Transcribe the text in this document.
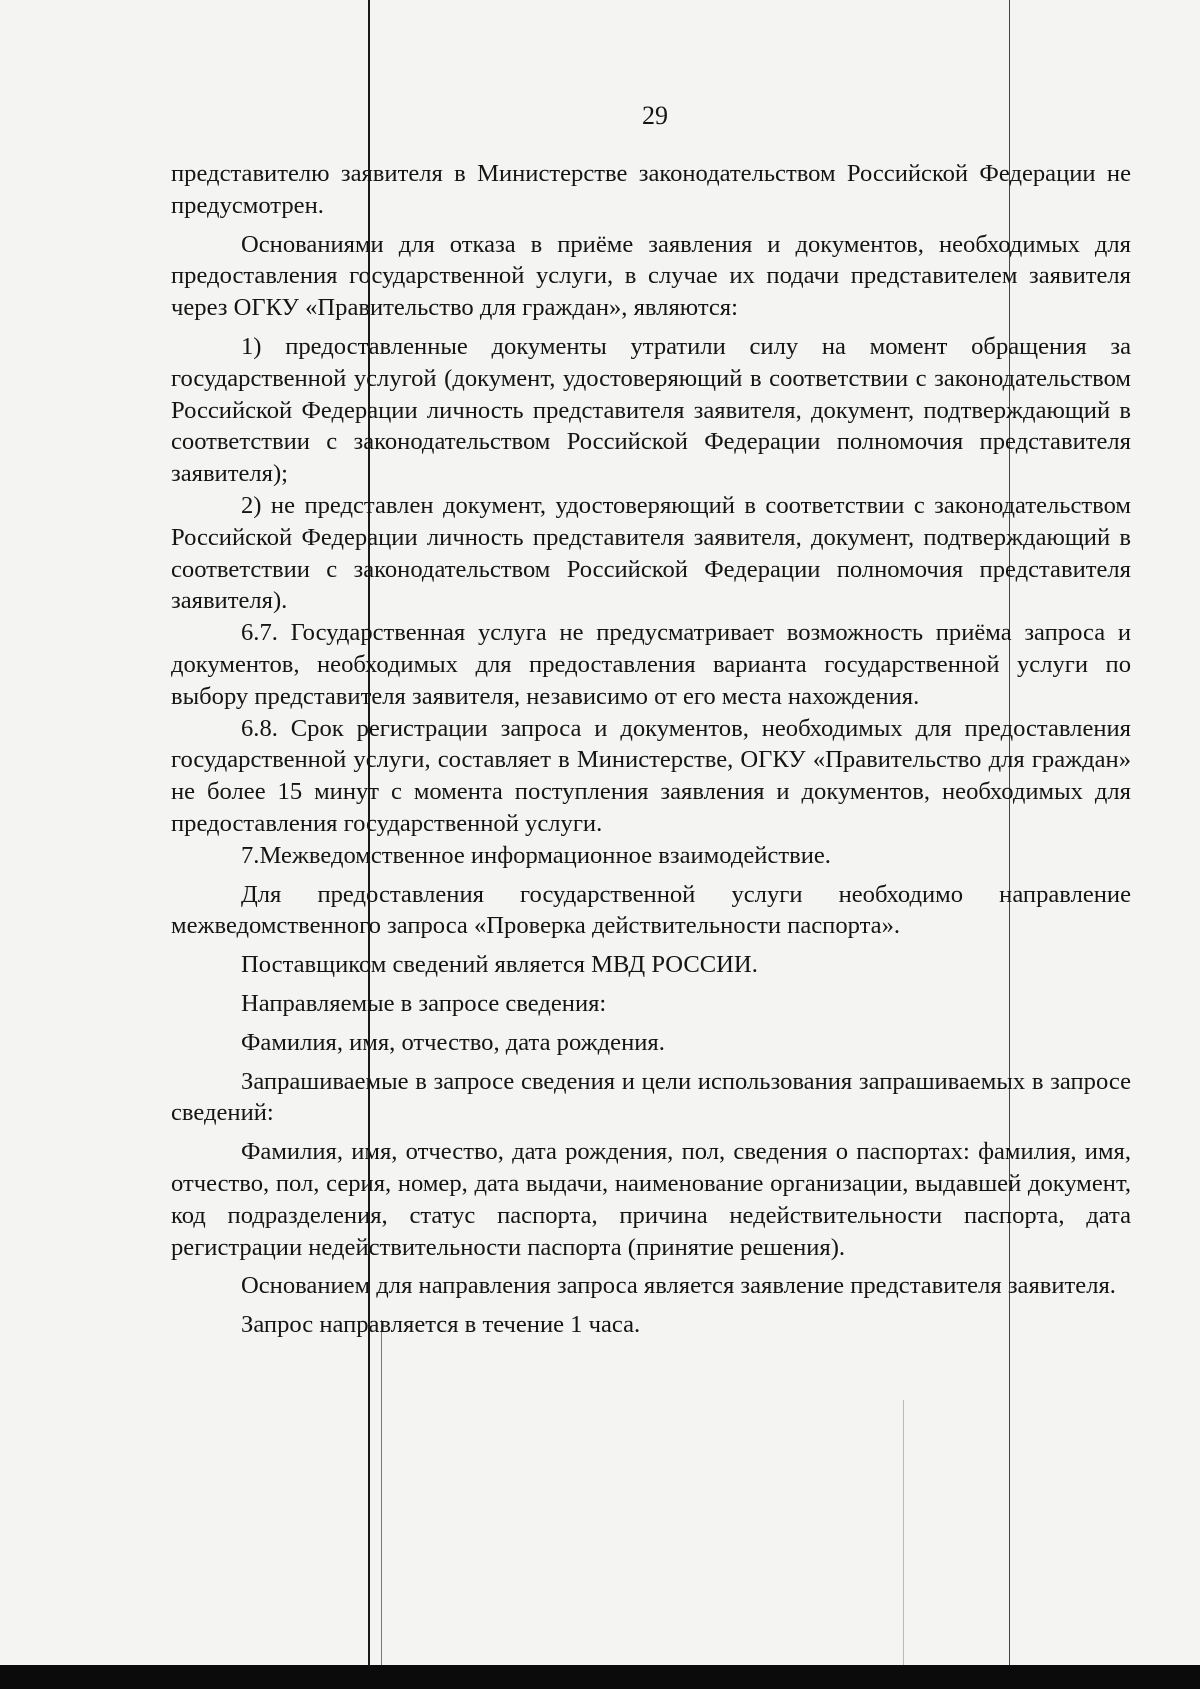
29

представителю заявителя в Министерстве законодательством Российской Федерации не предусмотрен.

Основаниями для отказа в приёме заявления и документов, необходимых для предоставления государственной услуги, в случае их подачи представителем заявителя через ОГКУ «Правительство для граждан», являются:

1) предоставленные документы утратили силу на момент обращения за государственной услугой (документ, удостоверяющий в соответствии с законодательством Российской Федерации личность представителя заявителя, документ, подтверждающий в соответствии с законодательством Российской Федерации полномочия представителя заявителя);

2) не представлен документ, удостоверяющий в соответствии с законодательством Российской Федерации личность представителя заявителя, документ, подтверждающий в соответствии с законодательством Российской Федерации полномочия представителя заявителя).

6.7. Государственная услуга не предусматривает возможность приёма запроса и документов, необходимых для предоставления варианта государственной услуги по выбору представителя заявителя, независимо от его места нахождения.

6.8. Срок регистрации запроса и документов, необходимых для предоставления государственной услуги, составляет в Министерстве, ОГКУ «Правительство для граждан» не более 15 минут с момента поступления заявления и документов, необходимых для предоставления государственной услуги.

7.Межведомственное информационное взаимодействие.

Для предоставления государственной услуги необходимо направление межведомственного запроса «Проверка действительности паспорта».

Поставщиком сведений является МВД РОССИИ.

Направляемые в запросе сведения:

Фамилия, имя, отчество, дата рождения.

Запрашиваемые в запросе сведения и цели использования запрашиваемых в запросе сведений:

Фамилия, имя, отчество, дата рождения, пол, сведения о паспортах: фамилия, имя, отчество, пол, серия, номер, дата выдачи, наименование организации, выдавшей документ, код подразделения, статус паспорта, причина недействительности паспорта, дата регистрации недействительности паспорта (принятие решения).

Основанием для направления запроса является заявление представителя заявителя.

Запрос направляется в течение 1 часа.
